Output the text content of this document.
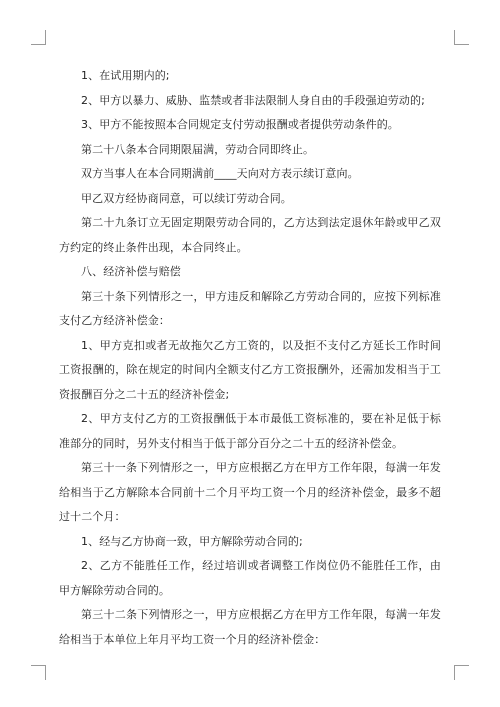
1、在试用期内的;

2、甲方以暴力、威胁、监禁或者非法限制人身自由的手段强迫劳动的;

3、甲方不能按照本合同规定支付劳动报酬或者提供劳动条件的。

第二十八条本合同期限届满，劳动合同即终止。

双方当事人在本合同期满前____天向对方表示续订意向。

甲乙双方经协商同意，可以续订劳动合同。

第二十九条订立无固定期限劳动合同的，乙方达到法定退休年龄或甲乙双方约定的终止条件出现，本合同终止。

八、经济补偿与赔偿

第三十条下列情形之一，甲方违反和解除乙方劳动合同的，应按下列标准支付乙方经济补偿金：

1、甲方克扣或者无故拖欠乙方工资的，以及拒不支付乙方延长工作时间工资报酬的，除在规定的时间内全额支付乙方工资报酬外，还需加发相当于工资报酬百分之二十五的经济补偿金;

2、甲方支付乙方的工资报酬低于本市最低工资标准的，要在补足低于标准部分的同时，另外支付相当于低于部分百分之二十五的经济补偿金。

第三十一条下列情形之一，甲方应根据乙方在甲方工作年限，每满一年发给相当于乙方解除本合同前十二个月平均工资一个月的经济补偿金，最多不超过十二个月：

1、经与乙方协商一致，甲方解除劳动合同的;

2、乙方不能胜任工作，经过培训或者调整工作岗位仍不能胜任工作，由甲方解除劳动合同的。

第三十二条下列情形之一，甲方应根据乙方在甲方工作年限，每满一年发给相当于本单位上年月平均工资一个月的经济补偿金：
